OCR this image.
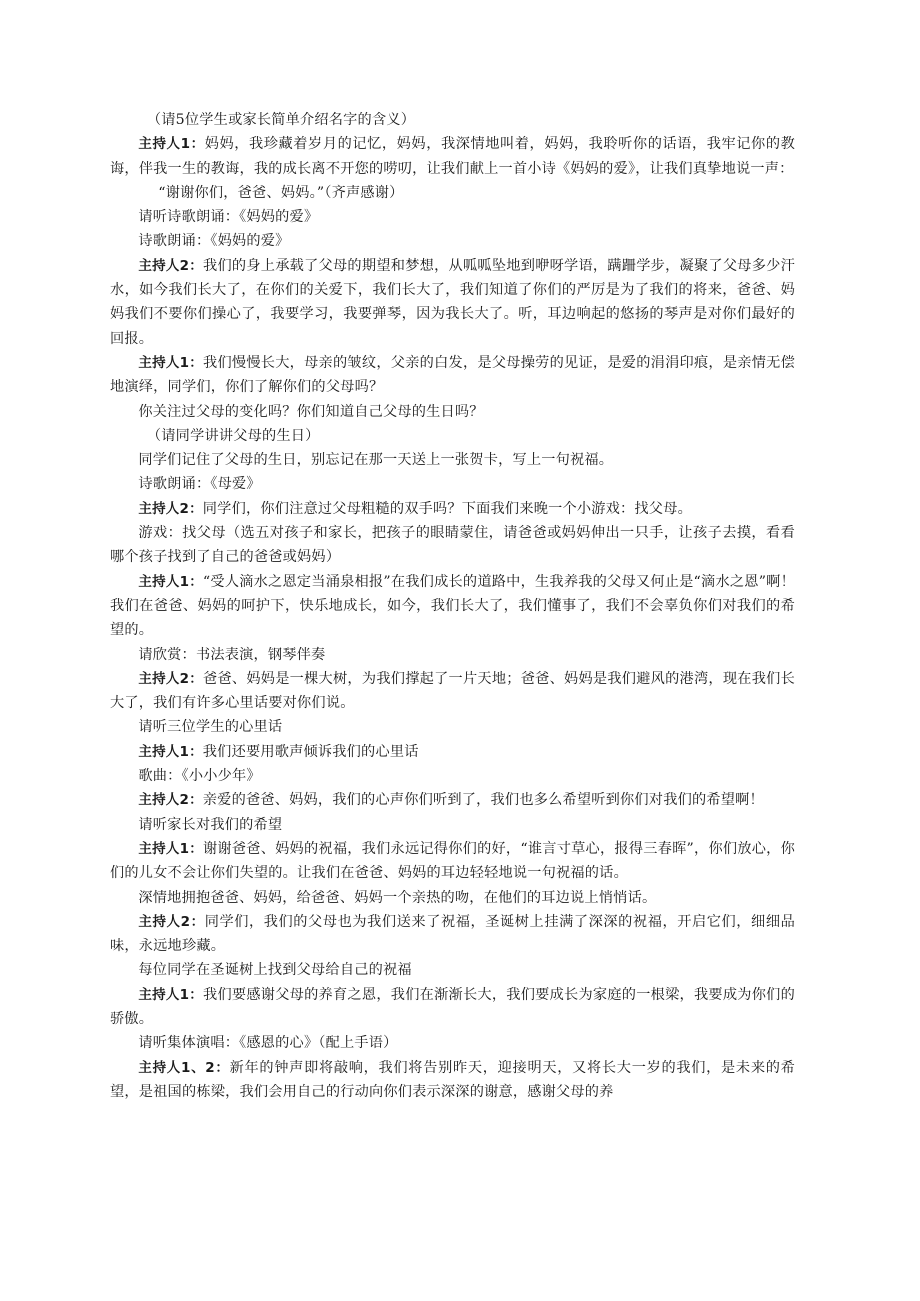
（请5位学生或家长简单介绍名字的含义）

主持人1：妈妈，我珍藏着岁月的记忆，妈妈，我深情地叫着，妈妈，我聆听你的话语，我牢记你的教诲，伴我一生的教诲，我的成长离不开您的唠叨，让我们献上一首小诗《妈妈的爱》，让我们真挚地说一声：

“谢谢你们，爸爸、妈妈。”（齐声感谢）

请听诗歌朗诵：《妈妈的爱》

诗歌朗诵：《妈妈的爱》

主持人2：我们的身上承载了父母的期望和梦想，从呱呱坠地到咿呀学语，蹒跚学步，凝聚了父母多少汗水，如今我们长大了，在你们的关爱下，我们长大了，我们知道了你们的严厉是为了我们的将来，爸爸、妈妈我们不要你们操心了，我要学习，我要弹琴，因为我长大了。听，耳边响起的悠扬的琴声是对你们最好的回报。

主持人1：我们慢慢长大，母亲的皱纹，父亲的白发，是父母操劳的见证，是爱的涓涓印痕，是亲情无偿地演绎，同学们，你们了解你们的父母吗？

你关注过父母的变化吗？你们知道自己父母的生日吗？

（请同学讲讲父母的生日）

同学们记住了父母的生日，别忘记在那一天送上一张贺卡，写上一句祝福。

诗歌朗诵：《母爱》

主持人2：同学们，你们注意过父母粗糙的双手吗？下面我们来晚一个小游戏：找父母。

游戏：找父母（选五对孩子和家长，把孩子的眼睛蒙住，请爸爸或妈妈伸出一只手，让孩子去摸，看看哪个孩子找到了自己的爸爸或妈妈）

主持人1：“受人滴水之恩定当涌泉相报”在我们成长的道路中，生我养我的父母又何止是“滴水之恩”啊！我们在爸爸、妈妈的呵护下，快乐地成长，如今，我们长大了，我们懂事了，我们不会辜负你们对我们的希望的。

请欣赏：书法表演，钢琴伴奏

主持人2：爸爸、妈妈是一棵大树，为我们撑起了一片天地；爸爸、妈妈是我们避风的港湾，现在我们长大了，我们有许多心里话要对你们说。

请听三位学生的心里话

主持人1：我们还要用歌声倾诉我们的心里话

歌曲：《小小少年》

主持人2：亲爱的爸爸、妈妈，我们的心声你们听到了，我们也多么希望听到你们对我们的希望啊！

请听家长对我们的希望

主持人1：谢谢爸爸、妈妈的祝福，我们永远记得你们的好，“谁言寸草心，报得三春晖”，你们放心，你们的儿女不会让你们失望的。让我们在爸爸、妈妈的耳边轻轻地说一句祝福的话。

深情地拥抱爸爸、妈妈，给爸爸、妈妈一个亲热的吻，在他们的耳边说上悄悄话。

主持人2：同学们，我们的父母也为我们送来了祝福，圣诞树上挂满了深深的祝福，开启它们，细细品味，永远地珍藏。

每位同学在圣诞树上找到父母给自己的祝福

主持人1：我们要感谢父母的养育之恩，我们在渐渐长大，我们要成长为家庭的一根梁，我要成为你们的骄傲。

请听集体演唱：《感恩的心》（配上手语）

主持人1、2：新年的钟声即将敲响，我们将告别昨天，迎接明天，又将长大一岁的我们，是未来的希望，是祖国的栋梁，我们会用自己的行动向你们表示深深的谢意，感谢父母的养
